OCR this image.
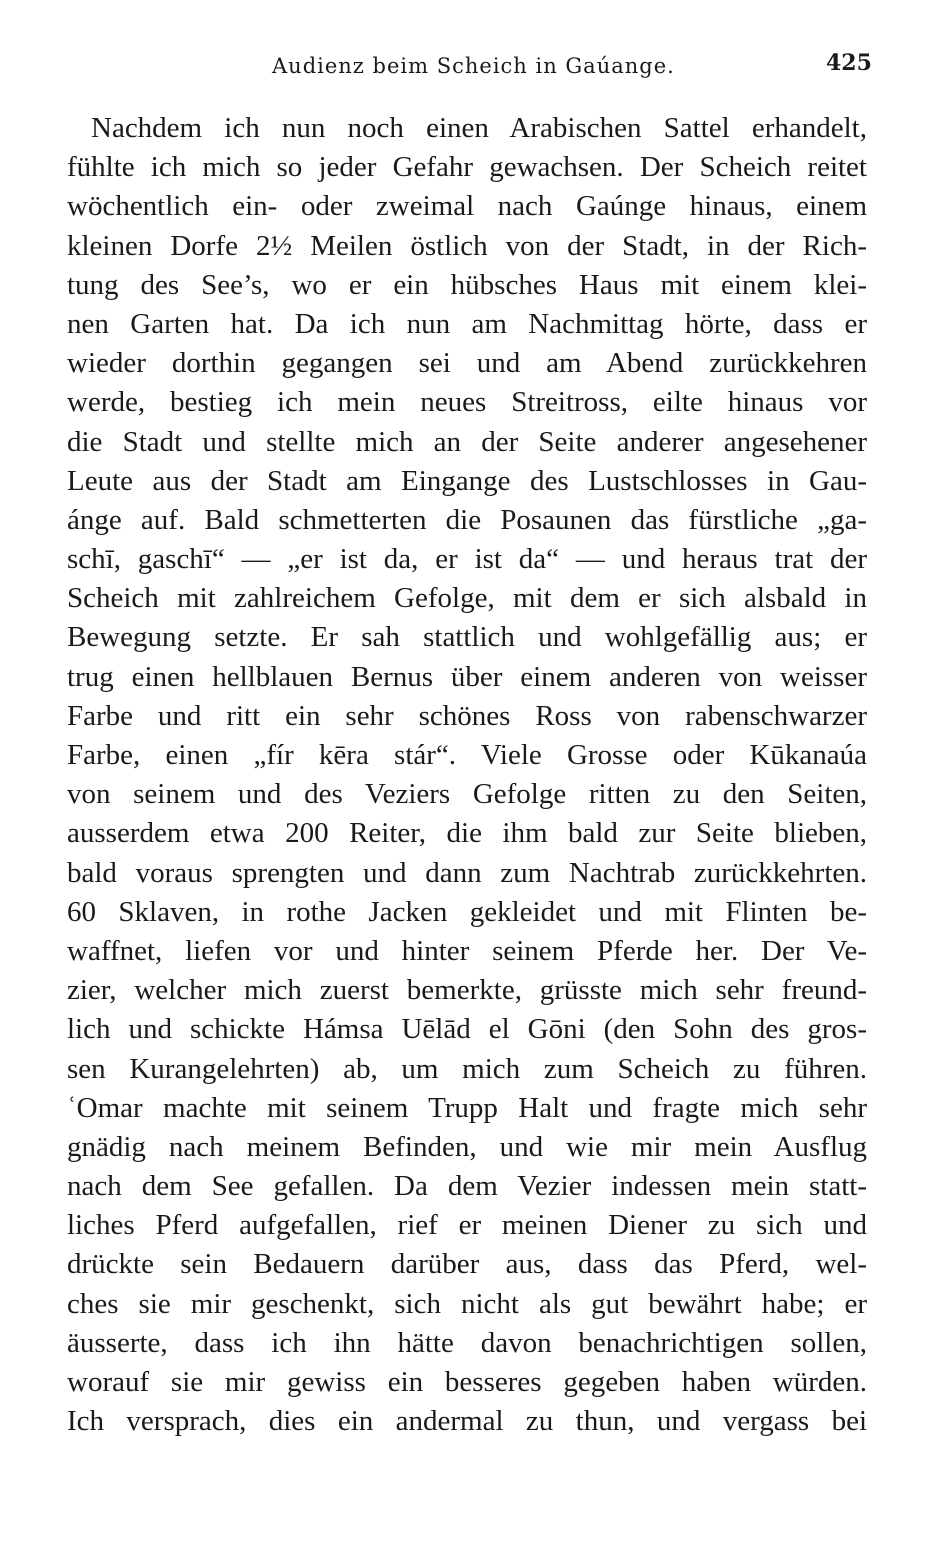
Audienz beim Scheich in Gaúange.	425
Nachdem ich nun noch einen Arabischen Sattel erhandelt,
fühlte ich mich so jeder Gefahr gewachsen. Der Scheich reitet
wöchentlich ein- oder zweimal nach Gaúnge hinaus, einem
kleinen Dorfe 2½ Meilen östlich von der Stadt, in der Rich-
tung des See’s, wo er ein hübsches Haus mit einem klei-
nen Garten hat. Da ich nun am Nachmittag hörte, dass er
wieder dorthin gegangen sei und am Abend zurückkehren
werde, bestieg ich mein neues Streitross, eilte hinaus vor
die Stadt und stellte mich an der Seite anderer angesehener
Leute aus der Stadt am Eingange des Lustschlosses in Gau-
ánge auf. Bald schmetterten die Posaunen das fürstliche „ga-
schī, gaschī“ — „er ist da, er ist da“ — und heraus trat der
Scheich mit zahlreichem Gefolge, mit dem er sich alsbald in
Bewegung setzte. Er sah stattlich und wohlgefällig aus; er
trug einen hellblauen Bernus über einem anderen von weisser
Farbe und ritt ein sehr schönes Ross von rabenschwarzer
Farbe, einen „fír kēra stár“. Viele Grosse oder Kūkanaúa
von seinem und des Veziers Gefolge ritten zu den Seiten,
ausserdem etwa 200 Reiter, die ihm bald zur Seite blieben,
bald voraus sprengten und dann zum Nachtrab zurückkehrten.
60 Sklaven, in rothe Jacken gekleidet und mit Flinten be-
waffnet, liefen vor und hinter seinem Pferde her. Der Ve-
zier, welcher mich zuerst bemerkte, grüsste mich sehr freund-
lich und schickte Hámsa Uēlād el Gōni (den Sohn des gros-
sen Kurangelehrten) ab, um mich zum Scheich zu führen.
ʿOmar machte mit seinem Trupp Halt und fragte mich sehr
gnädig nach meinem Befinden, und wie mir mein Ausflug
nach dem See gefallen. Da dem Vezier indessen mein statt-
liches Pferd aufgefallen, rief er meinen Diener zu sich und
drückte sein Bedauern darüber aus, dass das Pferd, wel-
ches sie mir geschenkt, sich nicht als gut bewährt habe; er
äusserte, dass ich ihn hätte davon benachrichtigen sollen,
worauf sie mir gewiss ein besseres gegeben haben würden.
Ich versprach, dies ein andermal zu thun, und vergass bei
